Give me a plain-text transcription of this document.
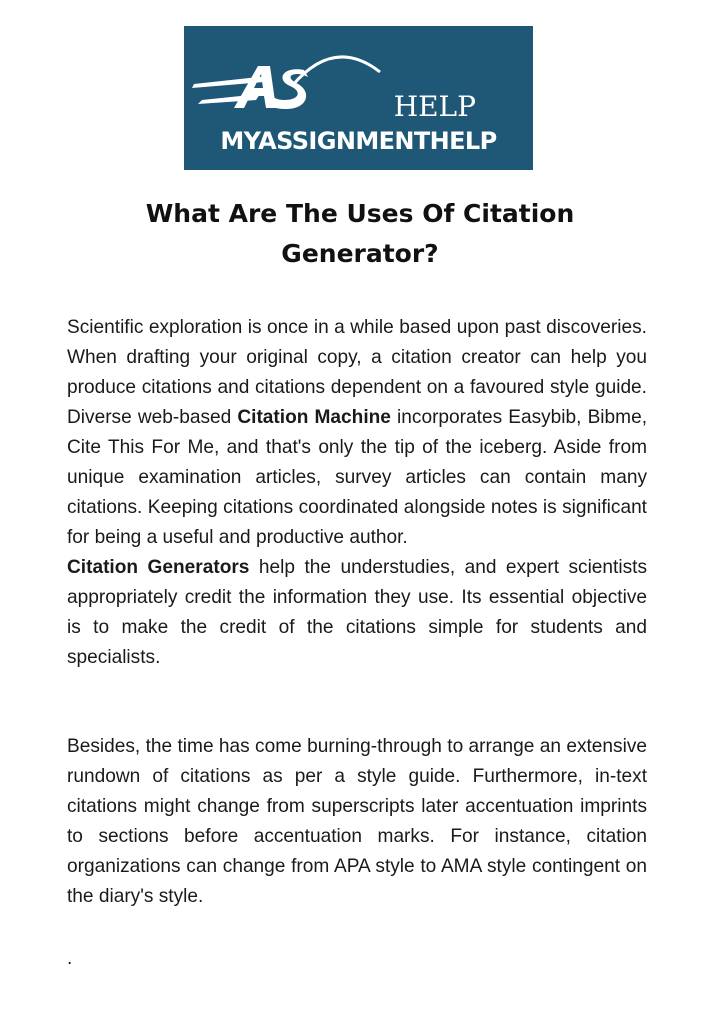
HELP
MYASSIGNMENTHELP
What Are The Uses Of Citation Generator?

Scientific exploration is once in a while based upon past discoveries. When drafting your original copy, a citation creator can help you produce citations and citations dependent on a favoured style guide. Diverse web-based Citation Machine incorporates Easybib, Bibme, Cite This For Me, and that's only the tip of the iceberg. Aside from unique examination articles, survey articles can contain many citations. Keeping citations coordinated alongside notes is significant for being a useful and productive author.
Citation Generators help the understudies, and expert scientists appropriately credit the information they use. Its essential objective is to make the credit of the citations simple for students and specialists.

Besides, the time has come burning-through to arrange an extensive rundown of citations as per a style guide. Furthermore, in-text citations might change from superscripts later accentuation imprints to sections before accentuation marks. For instance, citation organizations can change from APA style to AMA style contingent on the diary's style.

.
